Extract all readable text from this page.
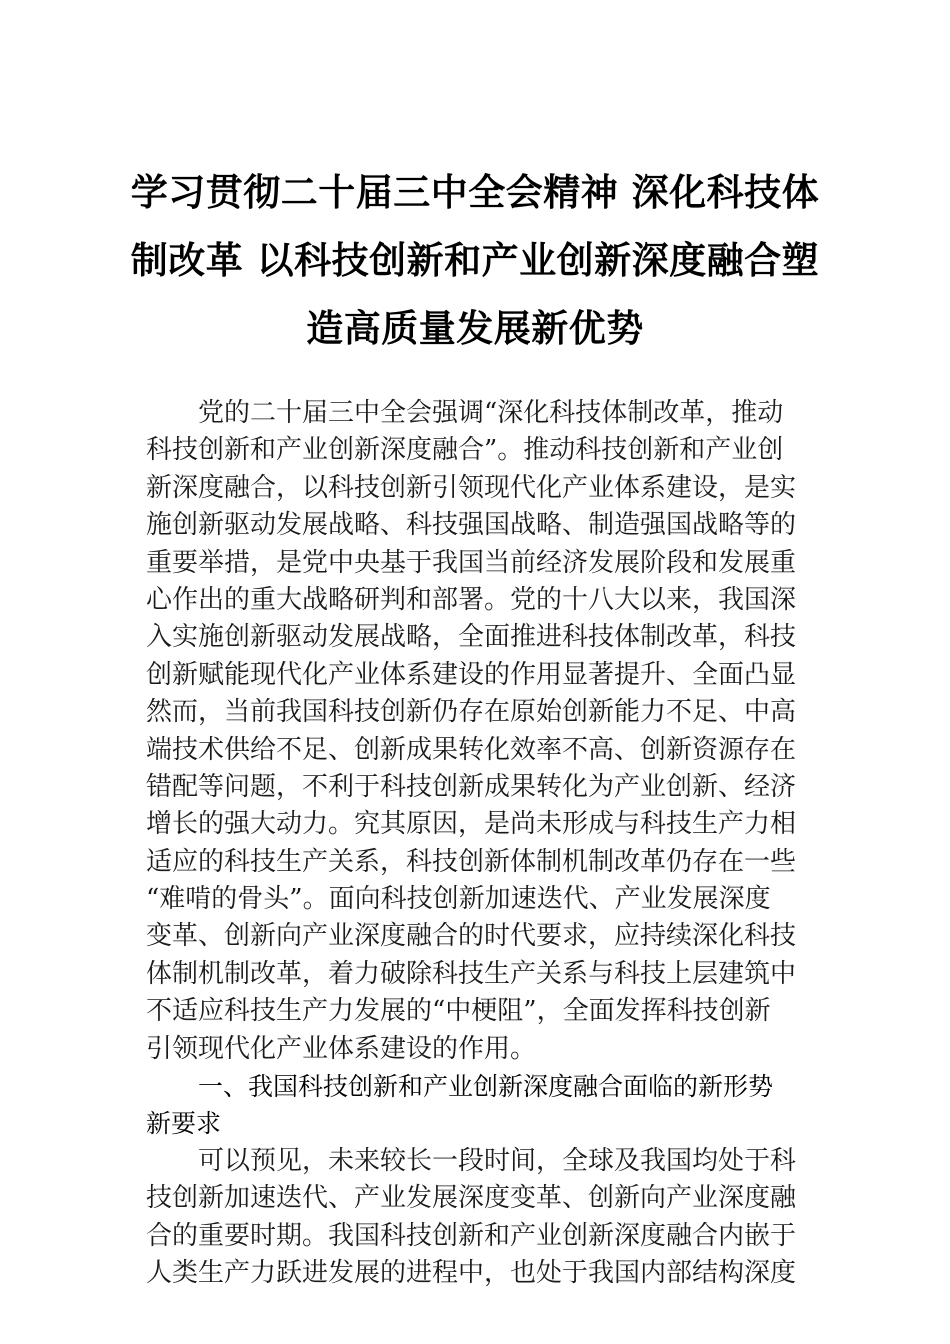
学习贯彻二十届三中全会精神 深化科技体
制改革 以科技创新和产业创新深度融合塑
造高质量发展新优势
党的二十届三中全会强调“深化科技体制改革，推动
科技创新和产业创新深度融合”。推动科技创新和产业创
新深度融合，以科技创新引领现代化产业体系建设，是实
施创新驱动发展战略、科技强国战略、制造强国战略等的
重要举措，是党中央基于我国当前经济发展阶段和发展重
心作出的重大战略研判和部署。党的十八大以来，我国深
入实施创新驱动发展战略，全面推进科技体制改革，科技
创新赋能现代化产业体系建设的作用显著提升、全面凸显
然而，当前我国科技创新仍存在原始创新能力不足、中高
端技术供给不足、创新成果转化效率不高、创新资源存在
错配等问题，不利于科技创新成果转化为产业创新、经济
增长的强大动力。究其原因，是尚未形成与科技生产力相
适应的科技生产关系，科技创新体制机制改革仍存在一些
“难啃的骨头”。面向科技创新加速迭代、产业发展深度
变革、创新向产业深度融合的时代要求，应持续深化科技
体制机制改革，着力破除科技生产关系与科技上层建筑中
不适应科技生产力发展的“中梗阻”，全面发挥科技创新
引领现代化产业体系建设的作用。
一、我国科技创新和产业创新深度融合面临的新形势
新要求
可以预见，未来较长一段时间，全球及我国均处于科
技创新加速迭代、产业发展深度变革、创新向产业深度融
合的重要时期。我国科技创新和产业创新深度融合内嵌于
人类生产力跃进发展的进程中，也处于我国内部结构深度
